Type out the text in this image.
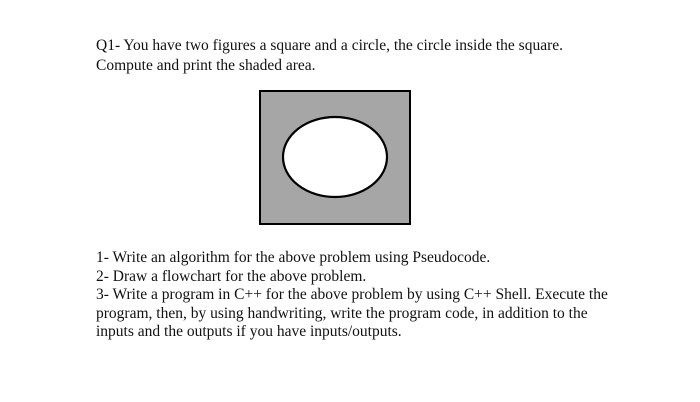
Q1- You have two figures a square and a circle, the circle inside the square.

Compute and print the shaded area.

1- Write an algorithm for the above problem using Pseudocode.

2- Draw a flowchart for the above problem.

3- Write a program in C++ for the above problem by using C++ Shell. Execute the

program, then, by using handwriting, write the program code, in addition to the

inputs and the outputs if you have inputs/outputs.
